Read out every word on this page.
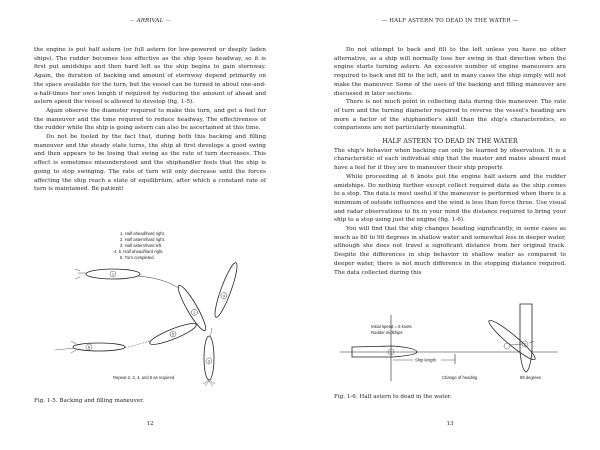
— ARRIVAL —

the engine is put half astern (or full astern for low-powered or deeply laden ships). The rudder becomes less effective as the ship loses headway, so it is first put amidships and then hard left as the ship begins to gain sternway. Again, the duration of backing and amount of sternway depend primarily on the space available for the turn, but the vessel can be turned in about one-and-a-half-times her own length if required by reducing the amount of ahead and astern speed the vessel is allowed to develop (fig. 1-5).

Again observe the diameter required to make this turn, and get a feel for the maneuver and the time required to reduce headway. The effectiveness of the rudder while the ship is going astern can also be ascertained at this time.

Do not be fooled by the fact that, during both this backing and filling maneuver and the steady state turns, the ship at first develops a good swing and then appears to be losing that swing as the rate of turn decreases. This effect is sometimes misunderstood and the shiphandler feels that the ship is going to stop swinging. The rate of turn will only decrease until the forces affecting the ship reach a state of equilibrium, after which a constant rate of turn is maintained. Be patient!

1. Half ahead/hard right.
2. Half astern/hard right.
3. Half astern/hard left.
4, 5. Half ahead/hard right.
6. Turn completed.
1
2
4
3
5
6
Repeat 2, 3, 4, and 5 as required.
Fig. 1-5. Backing and filling maneuver.
12
— HALF ASTERN TO DEAD IN THE WATER —

Do not attempt to back and fill to the left unless you have no other alternative, as a ship will normally lose her swing in that direction when the engine starts turning astern. An excessive number of engine maneuvers are required to back and fill to the left, and in many cases the ship simply will not make the maneuver. Some of the uses of the backing and filling maneuver are discussed in later sections.

There is not much point in collecting data during this maneuver. The rate of turn and the turning diameter required to reverse the vessel's heading are more a factor of the shiphandler's skill than the ship's characteristics, so comparisons are not particularly meaningful.

HALF ASTERN TO DEAD IN THE WATER

The ship's behavior when backing can only be learned by observation. It is a characteristic of each individual ship that the master and mates aboard must have a feel for if they are to maneuver their ship properly.

While proceeding at 6 knots put the engine half astern and the rudder amidships. Do nothing further except collect required data as the ship comes to a stop. The data is most useful if the maneuver is performed when there is a minimum of outside influences and the wind is less than force three. Use visual and radar observations to fix in your mind the distance required to bring your ship to a stop using just the engine (fig. 1-6).

You will find that the ship changes heading significantly, in some cases as much as 80 to 90 degrees in shallow water and somewhat less in deeper water, although she does not travel a significant distance from her original track. Despite the differences in ship behavior in shallow water as compared to deeper water, there is not much difference in the stopping distance required. The data collected during this

Initial speed = 6 knots
Rudder midships
1
Ship length
Change of heading	88 degrees
2
Fig. 1-6. Half astern to dead in the water.
13
